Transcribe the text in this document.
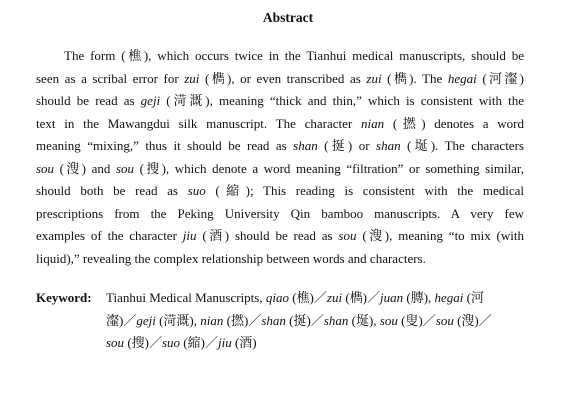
Abstract
The form (樵), which occurs twice in the Tianhui medical manuscripts, should be
seen as a scribal error for zui (檇), or even transcribed as zui (檇). The hegai (河瀣)
should be read as geji (渮溉), meaning “thick and thin,” which is consistent with the
text in the Mawangdui silk manuscript. The character nian (撚) denotes a word
meaning “mixing,” thus it should be read as shan (挻) or shan (埏). The characters
sou (溲) and sou (搜), which denote a word meaning “filtration” or something similar,
should both be read as suo (縮); This reading is consistent with the medical
prescriptions from the Peking University Qin bamboo manuscripts. A very few
examples of the character jiu (酒) should be read as sou (溲), meaning “to mix (with
liquid),” revealing the complex relationship between words and characters.
Keyword: Tianhui Medical Manuscripts, qiao (樵)／zui (檇)／juan (膞), hegai (河
瀣)／geji (渮溉), nian (撚)／shan (挻)／shan (埏), sou (叟)／sou (溲)／
sou (搜)／suo (縮)／jiu (酒)
